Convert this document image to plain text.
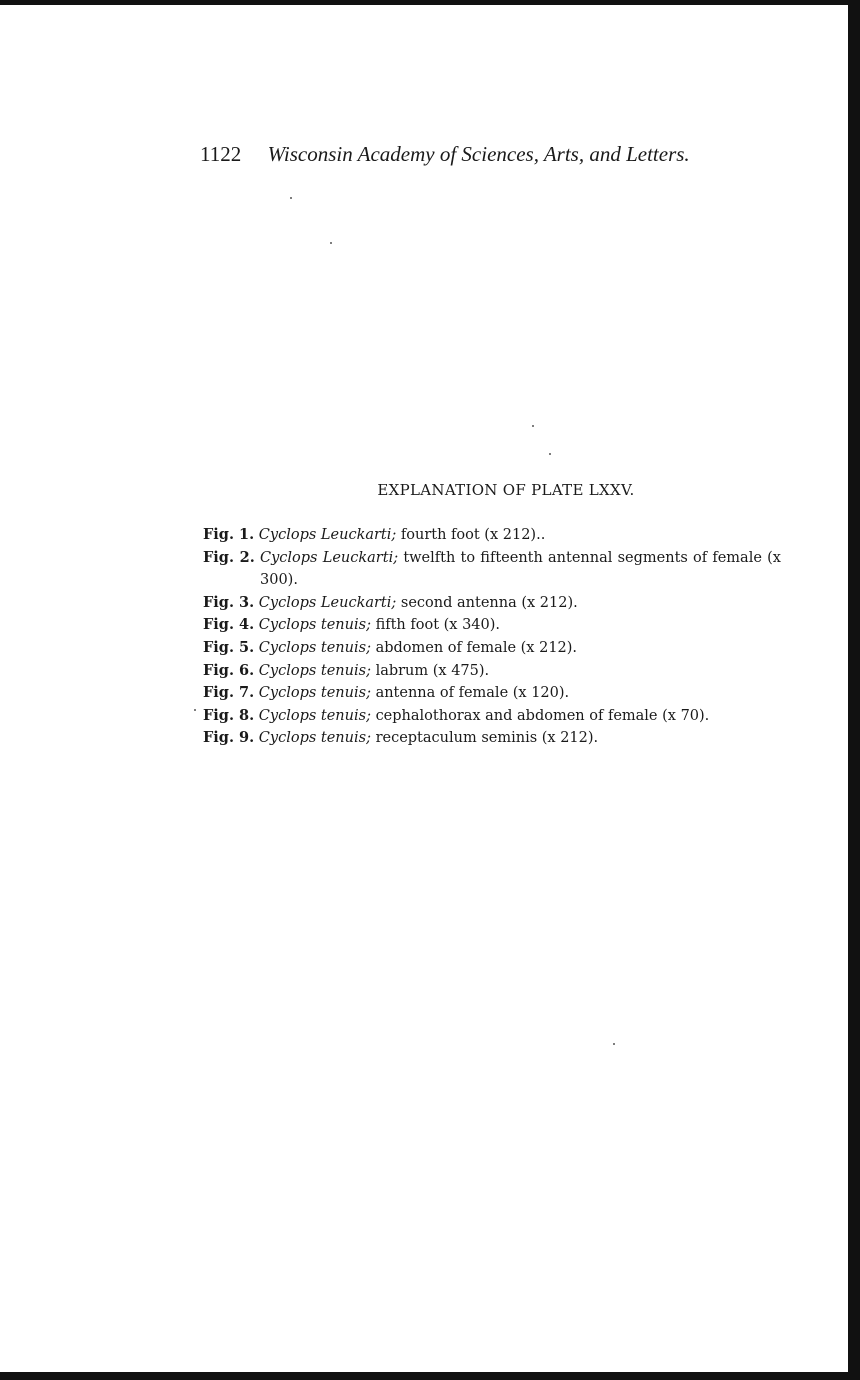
1122 Wisconsin Academy of Sciences, Arts, and Letters.
EXPLANATION OF PLATE LXXV.
Fig. 1. Cyclops Leuckarti; fourth foot (x 212)..
Fig. 2. Cyclops Leuckarti; twelfth to fifteenth antennal segments of female (x 300).
Fig. 3. Cyclops Leuckarti; second antenna (x 212).
Fig. 4. Cyclops tenuis; fifth foot (x 340).
Fig. 5. Cyclops tenuis; abdomen of female (x 212).
Fig. 6. Cyclops tenuis; labrum (x 475).
Fig. 7. Cyclops tenuis; antenna of female (x 120).
Fig. 8. Cyclops tenuis; cephalothorax and abdomen of female (x 70).
Fig. 9. Cyclops tenuis; receptaculum seminis (x 212).
